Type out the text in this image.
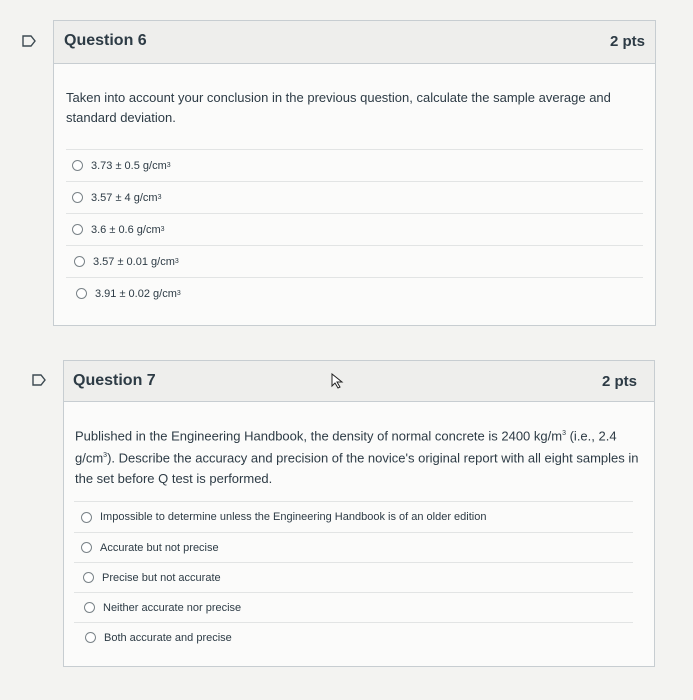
Question 6	2 pts
Taken into account your conclusion in the previous question, calculate the sample average and standard deviation.
3.73 ± 0.5
g/cm 3
3.57 ± 4
g/cm 3
3.6 ± 0.6
g/cm 3
3.57 ± 0.01
g/cm 3
3.91 ± 0.02
g/cm 3
Question 7	2 pts
Published in the Engineering Handbook, the density of normal concrete is 2400 $kg/m^3$ (i.e., 2.4 $g/cm^3$). Describe the accuracy and precision of the novice's original report with all eight samples in the set before Q test is performed.
Impossible to determine unless the Engineering Handbook is of an older edition
Accurate but not precise
Precise but not accurate
Neither accurate nor precise
Both accurate and precise
